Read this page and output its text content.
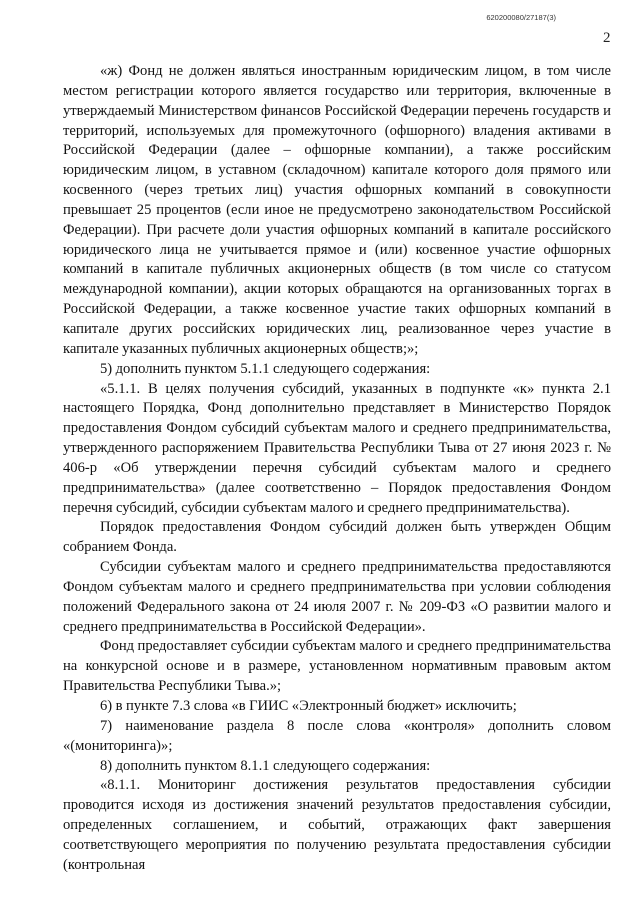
620200080/27187(3)
2

«ж) Фонд не должен являться иностранным юридическим лицом, в том числе местом регистрации которого является государство или территория, включенные в утверждаемый Министерством финансов Российской Федерации перечень государств и территорий, используемых для промежуточного (офшорного) владения активами в Российской Федерации (далее – офшорные компании), а также российским юридическим лицом, в уставном (складочном) капитале которого доля прямого или косвенного (через третьих лиц) участия офшорных компаний в совокупности превышает 25 процентов (если иное не предусмотрено законодательством Российской Федерации). При расчете доли участия офшорных компаний в капитале российского юридического лица не учитывается прямое и (или) косвенное участие офшорных компаний в капитале публичных акционерных обществ (в том числе со статусом международной компании), акции которых обращаются на организованных торгах в Российской Федерации, а также косвенное участие таких офшорных компаний в капитале других российских юридических лиц, реализованное через участие в капитале указанных публичных акционерных обществ;»;

5) дополнить пунктом 5.1.1 следующего содержания:

«5.1.1. В целях получения субсидий, указанных в подпункте «к» пункта 2.1 настоящего Порядка, Фонд дополнительно представляет в Министерство Порядок предоставления Фондом субсидий субъектам малого и среднего предпринимательства, утвержденного распоряжением Правительства Республики Тыва от 27 июня 2023 г. № 406-р «Об утверждении перечня субсидий субъектам малого и среднего предпринимательства» (далее соответственно – Порядок предоставления Фондом перечня субсидий, субсидии субъектам малого и среднего предпринимательства).

Порядок предоставления Фондом субсидий должен быть утвержден Общим собранием Фонда.

Субсидии субъектам малого и среднего предпринимательства предоставляются Фондом субъектам малого и среднего предпринимательства при условии соблюдения положений Федерального закона от 24 июля 2007 г. № 209-ФЗ «О развитии малого и среднего предпринимательства в Российской Федерации».

Фонд предоставляет субсидии субъектам малого и среднего предпринимательства на конкурсной основе и в размере, установленном нормативным правовым актом Правительства Республики Тыва.»;

6) в пункте 7.3 слова «в ГИИС «Электронный бюджет» исключить;

7) наименование раздела 8 после слова «контроля» дополнить словом «(мониторинга)»;

8) дополнить пунктом 8.1.1 следующего содержания:

«8.1.1. Мониторинг достижения результатов предоставления субсидии проводится исходя из достижения значений результатов предоставления субсидии, определенных соглашением, и событий, отражающих факт завершения соответствующего мероприятия по получению результата предоставления субсидии (контрольная
